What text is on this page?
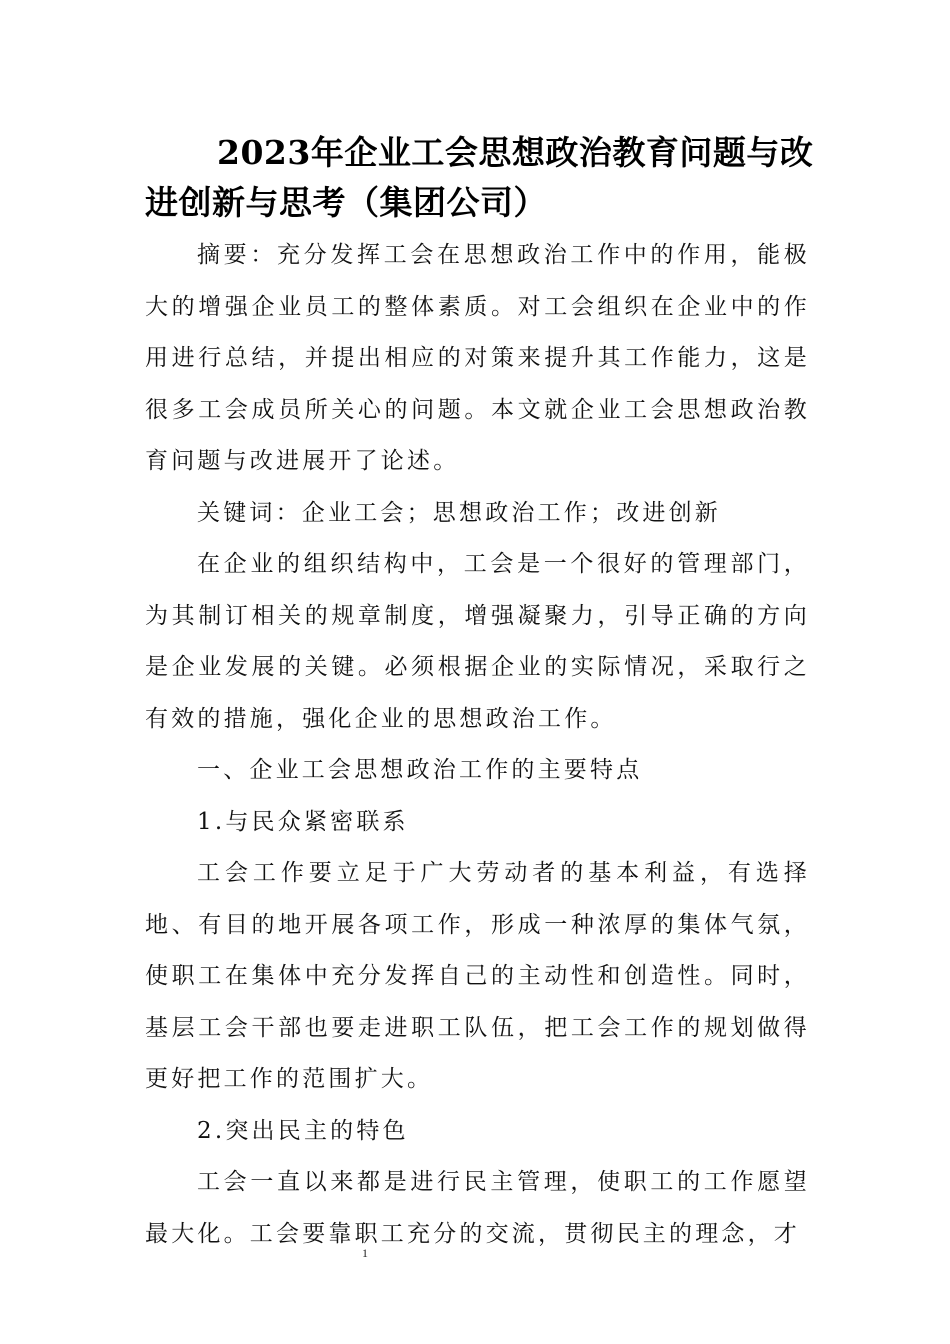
2023年企业工会思想政治教育问题与改进创新与思考（集团公司）

摘要：充分发挥工会在思想政治工作中的作用，能极大的增强企业员工的整体素质。对工会组织在企业中的作用进行总结，并提出相应的对策来提升其工作能力，这是很多工会成员所关心的问题。本文就企业工会思想政治教育问题与改进展开了论述。

关键词：企业工会；思想政治工作；改进创新

在企业的组织结构中，工会是一个很好的管理部门，为其制订相关的规章制度，增强凝聚力，引导正确的方向是企业发展的关键。必须根据企业的实际情况，采取行之有效的措施，强化企业的思想政治工作。

一、企业工会思想政治工作的主要特点

1.与民众紧密联系

工会工作要立足于广大劳动者的基本利益，有选择地、有目的地开展各项工作，形成一种浓厚的集体气氛，使职工在集体中充分发挥自己的主动性和创造性。同时，基层工会干部也要走进职工队伍，把工会工作的规划做得更好把工作的范围扩大。

2.突出民主的特色

工会一直以来都是进行民主管理，使职工的工作愿望最大化。工会要靠职工充分的交流，贯彻民主的理念，才

1
